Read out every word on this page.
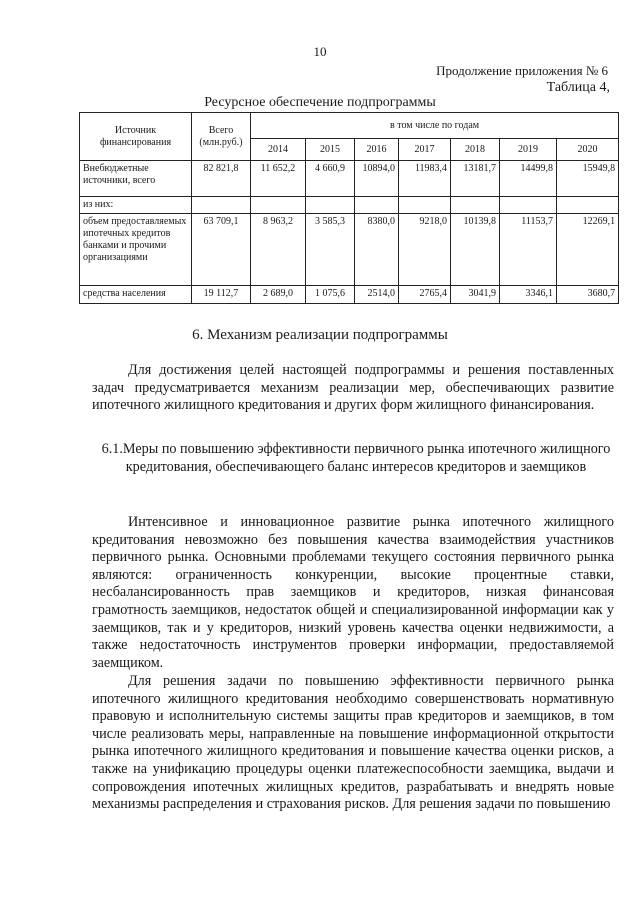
10
Продолжение приложения № 6
Таблица 4,
Ресурсное обеспечение подпрограммы
Источник финансирования	Всего (млн.руб.)	в том числе по годам						
		2014	2015	2016	2017	2018	2019	2020
Внебюджетные источники, всего	82 821,8	11 652,2	4 660,9	10894,0	11983,4	13181,7	14499,8	15949,8
из них:								
объем предоставляемых ипотечных кредитов банками и прочими организациями	63 709,1	8 963,2	3 585,3	8380,0	9218,0	10139,8	11153,7	12269,1
средства населения	19 112,7	2 689,0	1 075,6	2514,0	2765,4	3041,9	3346,1	3680,7
6. Механизм реализации подпрограммы
Для достижения целей настоящей подпрограммы и решения поставленных задач предусматривается механизм реализации мер, обеспечивающих развитие ипотечного жилищного кредитования и других форм жилищного финансирования.
6.1.Меры по повышению эффективности первичного рынка ипотечного жилищного кредитования, обеспечивающего баланс интересов кредиторов и заемщиков
Интенсивное и инновационное развитие рынка ипотечного жилищного кредитования невозможно без повышения качества взаимодействия участников первичного рынка. Основными проблемами текущего состояния первичного рынка являются: ограниченность конкуренции, высокие процентные ставки, несбалансированность прав заемщиков и кредиторов, низкая финансовая грамотность заемщиков, недостаток общей и специализированной информации как у заемщиков, так и у кредиторов, низкий уровень качества оценки недвижимости, а также недостаточность инструментов проверки информации, предоставляемой заемщиком.
Для решения задачи по повышению эффективности первичного рынка ипотечного жилищного кредитования необходимо совершенствовать нормативную правовую и исполнительную системы защиты прав кредиторов и заемщиков, в том числе реализовать меры, направленные на повышение информационной открытости рынка ипотечного жилищного кредитования и повышение качества оценки рисков, а также на унификацию процедуры оценки платежеспособности заемщика, выдачи и сопровождения ипотечных жилищных кредитов, разрабатывать и внедрять новые механизмы распределения и страхования рисков. Для решения задачи по повышению
